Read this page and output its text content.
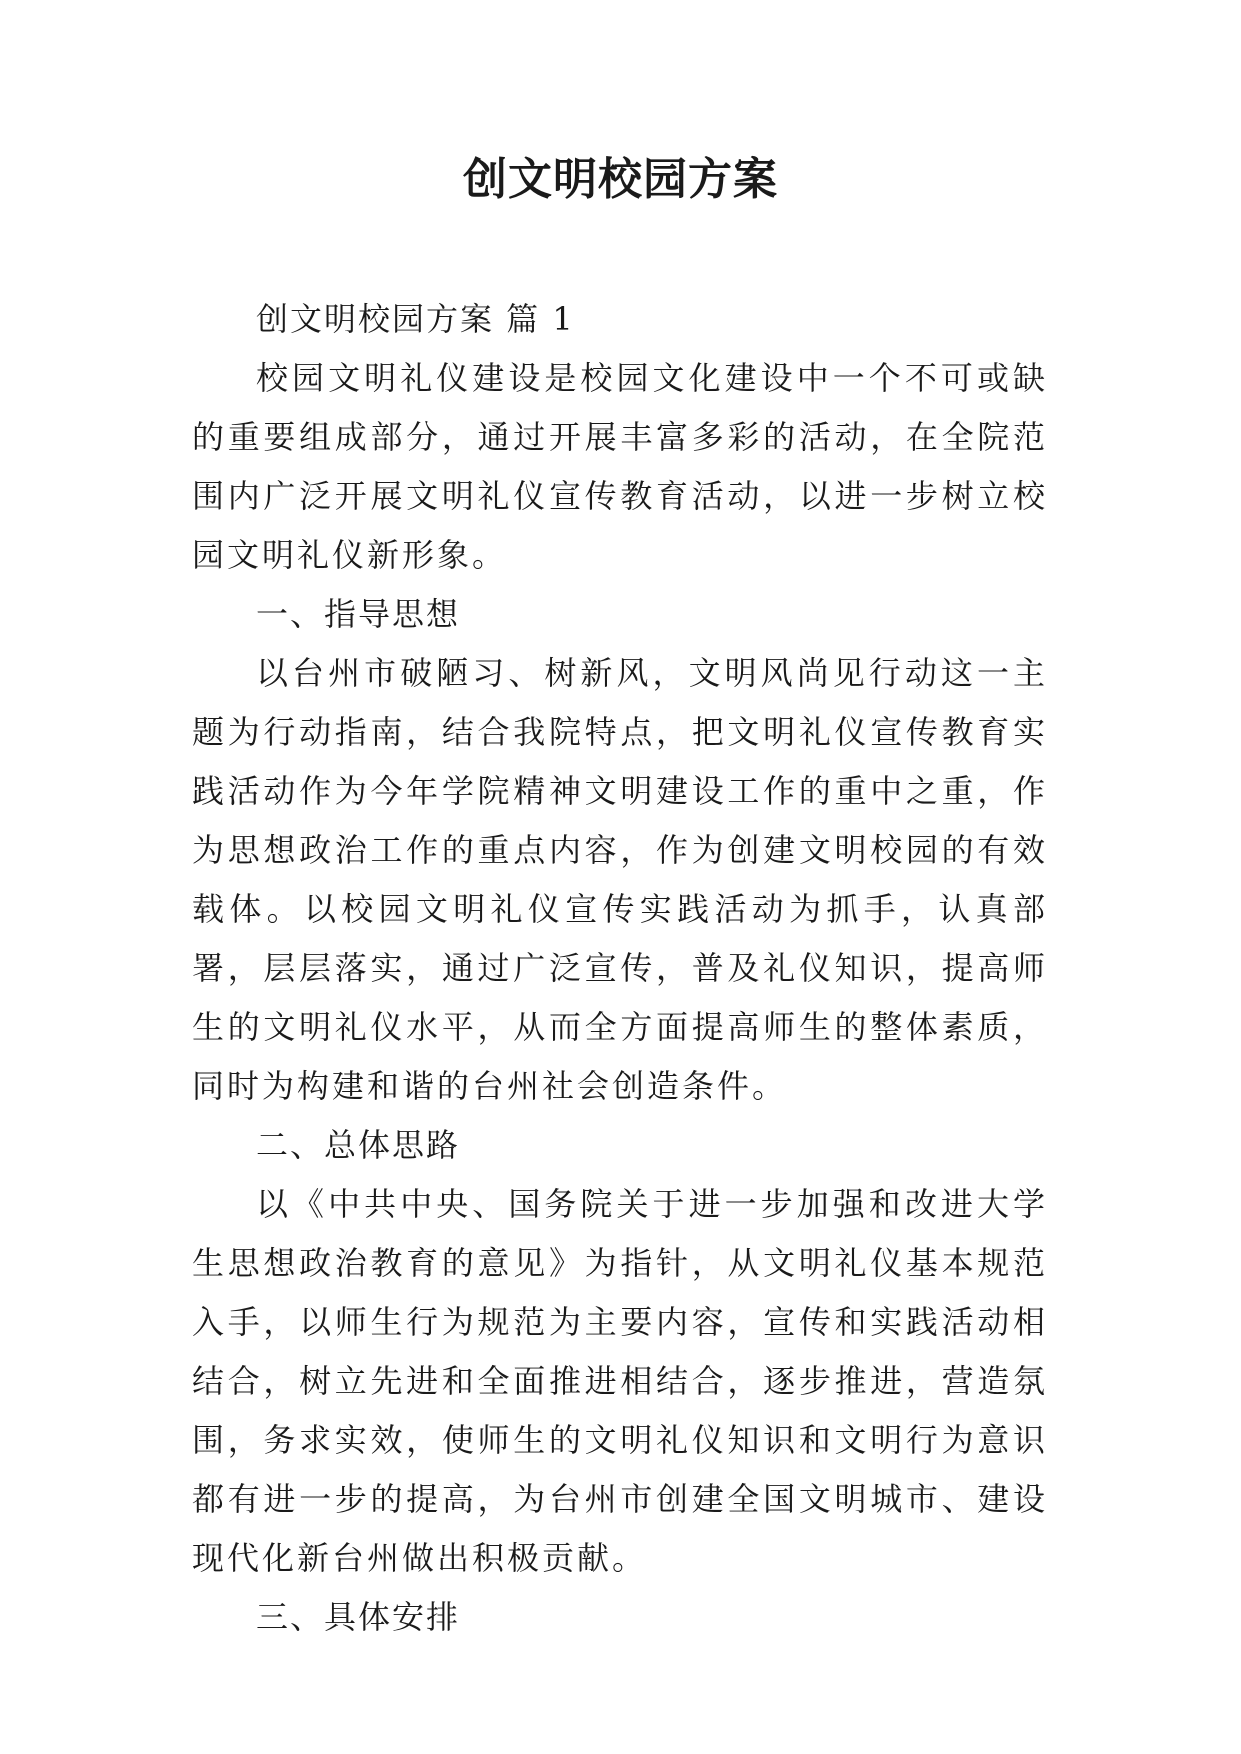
创文明校园方案

创文明校园方案 篇 1

校园文明礼仪建设是校园文化建设中一个不可或缺的重要组成部分，通过开展丰富多彩的活动，在全院范围内广泛开展文明礼仪宣传教育活动，以进一步树立校园文明礼仪新形象。

一、指导思想

以台州市破陋习、树新风，文明风尚见行动这一主题为行动指南，结合我院特点，把文明礼仪宣传教育实践活动作为今年学院精神文明建设工作的重中之重，作为思想政治工作的重点内容，作为创建文明校园的有效载体。以校园文明礼仪宣传实践活动为抓手，认真部署，层层落实，通过广泛宣传，普及礼仪知识，提高师生的文明礼仪水平，从而全方面提高师生的整体素质，同时为构建和谐的台州社会创造条件。

二、总体思路

以《中共中央、国务院关于进一步加强和改进大学生思想政治教育的意见》为指针，从文明礼仪基本规范入手，以师生行为规范为主要内容，宣传和实践活动相结合，树立先进和全面推进相结合，逐步推进，营造氛围，务求实效，使师生的文明礼仪知识和文明行为意识都有进一步的提高，为台州市创建全国文明城市、建设现代化新台州做出积极贡献。

三、具体安排
